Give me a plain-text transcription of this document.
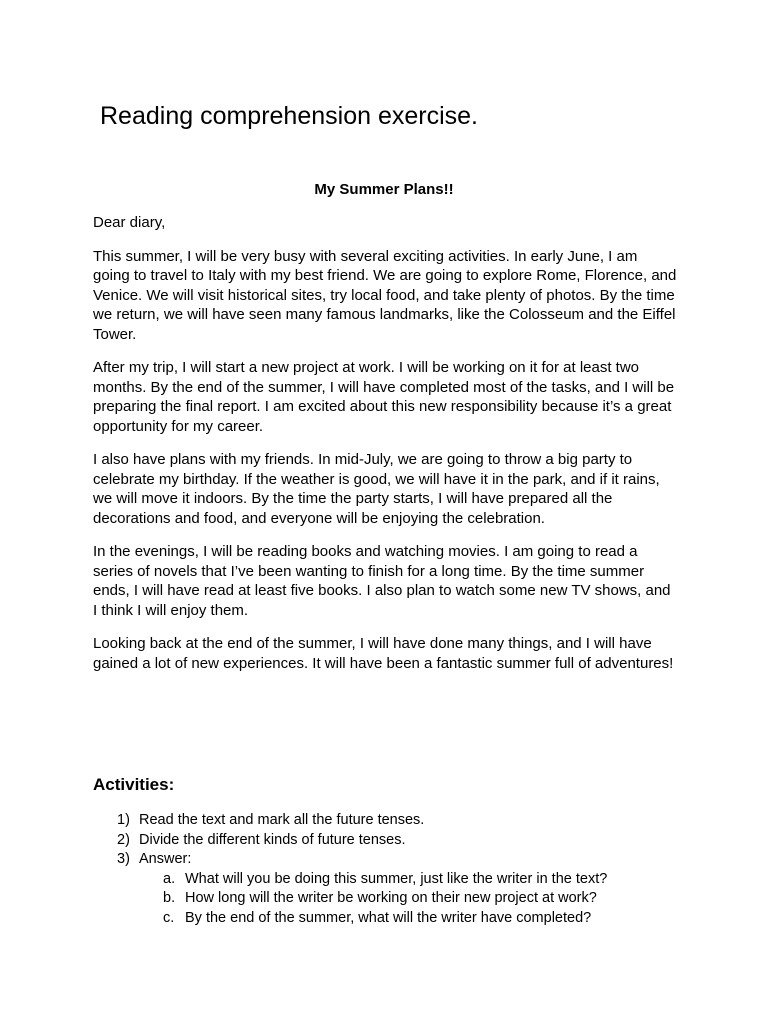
Reading comprehension exercise.
My Summer Plans!!

Dear diary,

This summer, I will be very busy with several exciting activities. In early June, I am going to travel to Italy with my best friend. We are going to explore Rome, Florence, and Venice. We will visit historical sites, try local food, and take plenty of photos. By the time we return, we will have seen many famous landmarks, like the Colosseum and the Eiffel Tower.

After my trip, I will start a new project at work. I will be working on it for at least two months. By the end of the summer, I will have completed most of the tasks, and I will be preparing the final report. I am excited about this new responsibility because it’s a great opportunity for my career.

I also have plans with my friends. In mid-July, we are going to throw a big party to celebrate my birthday. If the weather is good, we will have it in the park, and if it rains, we will move it indoors. By the time the party starts, I will have prepared all the decorations and food, and everyone will be enjoying the celebration.

In the evenings, I will be reading books and watching movies. I am going to read a series of novels that I’ve been wanting to finish for a long time. By the time summer ends, I will have read at least five books. I also plan to watch some new TV shows, and I think I will enjoy them.

Looking back at the end of the summer, I will have done many things, and I will have gained a lot of new experiences. It will have been a fantastic summer full of adventures!

Activities:
1) Read the text and mark all the future tenses.
2) Divide the different kinds of future tenses.
3) Answer:
a. What will you be doing this summer, just like the writer in the text?
b. How long will the writer be working on their new project at work?
c. By the end of the summer, what will the writer have completed?
